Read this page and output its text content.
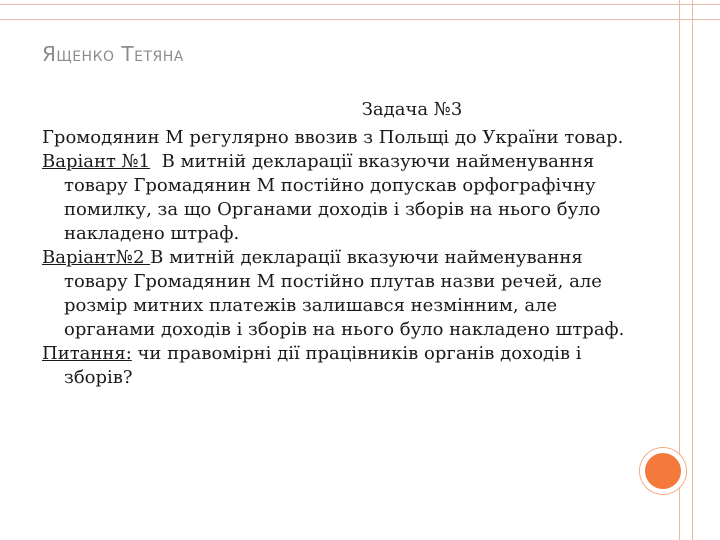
Ященко Тетяна

Задача №3

Громодянин М регулярно ввозив з Польщі до України товар.

Варіант №1  В митній декларації вказуючи найменування товару Громадянин М постійно допускав орфографічну помилку, за що Органами доходів і зборів на нього було накладено штраф.

Варіант№2 В митній декларації вказуючи найменування товару Громадянин М постійно плутав назви речей, але розмір митних платежів залишався незмінним, але органами доходів і зборів на нього було накладено штраф.

Питання: чи правомірні дії працівників органів доходів і зборів?
